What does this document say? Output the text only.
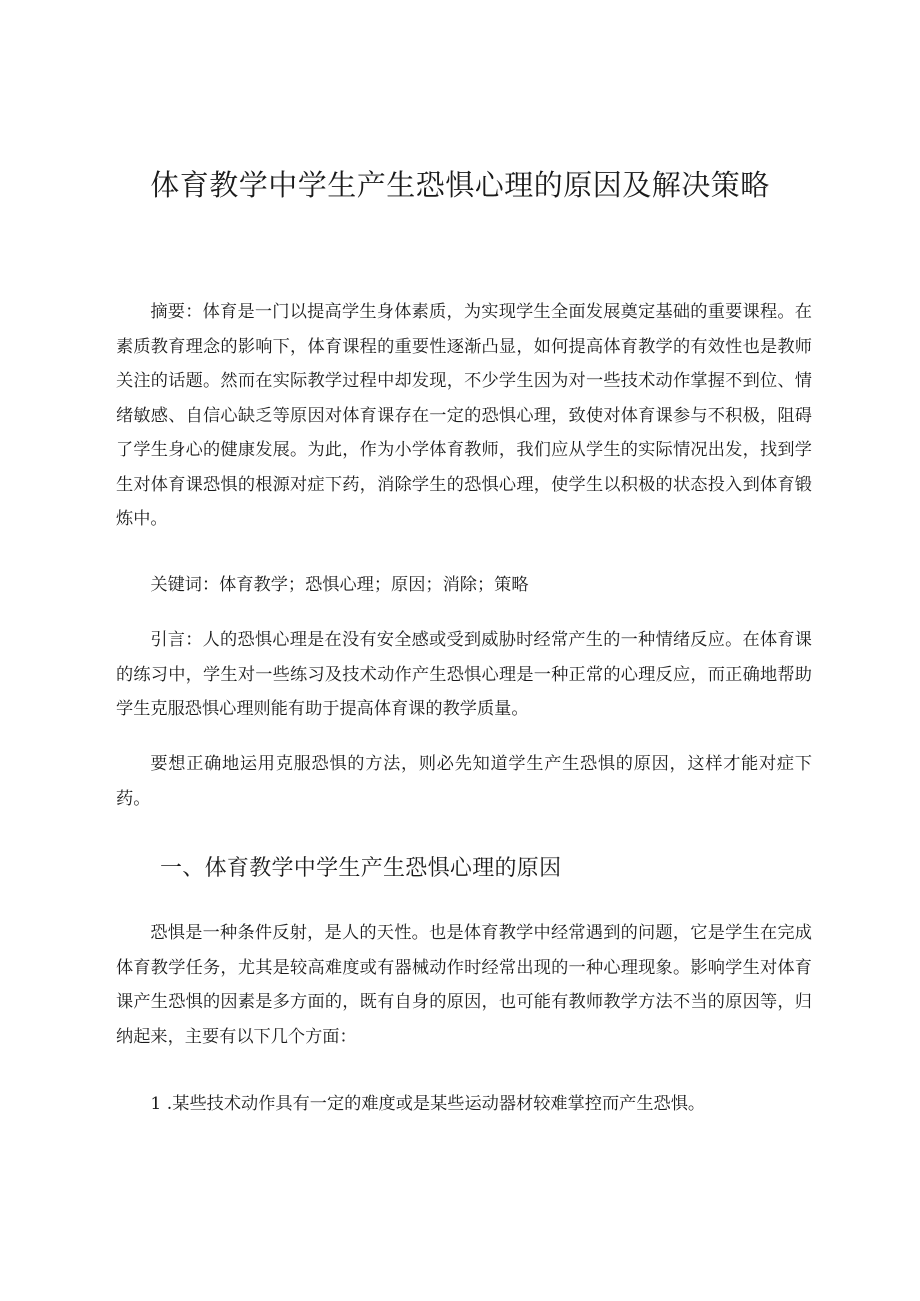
体育教学中学生产生恐惧心理的原因及解决策略

摘要：体育是一门以提高学生身体素质，为实现学生全面发展奠定基础的重要课程。在素质教育理念的影响下，体育课程的重要性逐渐凸显，如何提高体育教学的有效性也是教师关注的话题。然而在实际教学过程中却发现，不少学生因为对一些技术动作掌握不到位、情绪敏感、自信心缺乏等原因对体育课存在一定的恐惧心理，致使对体育课参与不积极，阻碍了学生身心的健康发展。为此，作为小学体育教师，我们应从学生的实际情况出发，找到学生对体育课恐惧的根源对症下药，消除学生的恐惧心理，使学生以积极的状态投入到体育锻炼中。

关键词：体育教学；恐惧心理；原因；消除；策略

引言：人的恐惧心理是在没有安全感或受到威胁时经常产生的一种情绪反应。在体育课的练习中，学生对一些练习及技术动作产生恐惧心理是一种正常的心理反应，而正确地帮助学生克服恐惧心理则能有助于提高体育课的教学质量。

要想正确地运用克服恐惧的方法，则必先知道学生产生恐惧的原因，这样才能对症下药。

一、体育教学中学生产生恐惧心理的原因

恐惧是一种条件反射，是人的天性。也是体育教学中经常遇到的问题，它是学生在完成体育教学任务，尤其是较高难度或有器械动作时经常出现的一种心理现象。影响学生对体育课产生恐惧的因素是多方面的，既有自身的原因，也可能有教师教学方法不当的原因等，归纳起来，主要有以下几个方面：

1 .某些技术动作具有一定的难度或是某些运动器材较难掌控而产生恐惧。
